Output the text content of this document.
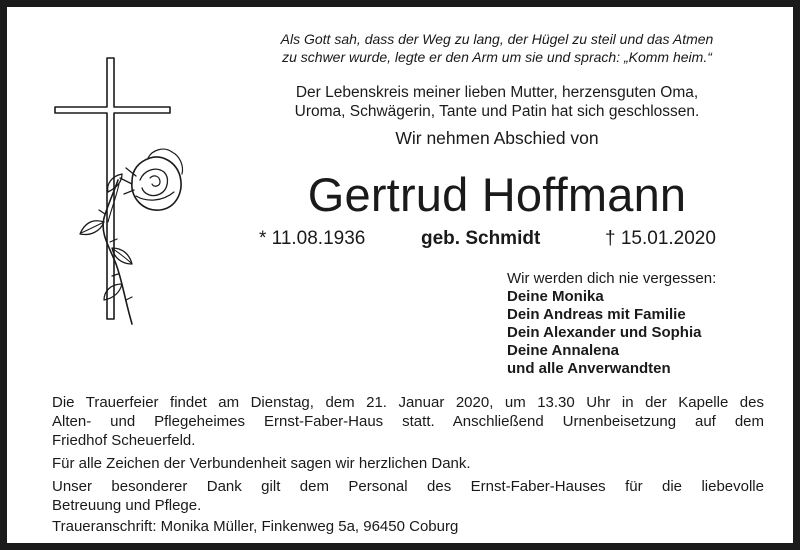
Als Gott sah, dass der Weg zu lang, der Hügel zu steil und das Atmen
zu schwer wurde, legte er den Arm um sie und sprach: „Komm heim.“
Der Lebenskreis meiner lieben Mutter, herzensguten Oma,
Uroma, Schwägerin, Tante und Patin hat sich geschlossen.
Wir nehmen Abschied von
Gertrud Hoffmann
* 11.08.1936	geb. Schmidt	† 15.01.2020
Wir werden dich nie vergessen:
Deine Monika
Dein Andreas mit Familie
Dein Alexander und Sophia
Deine Annalena
und alle Anverwandten

Die Trauerfeier findet am Dienstag, dem 21. Januar 2020, um 13.30 Uhr in der Kapelle des
Alten- und Pflegeheimes Ernst-Faber-Haus statt. Anschließend Urnenbeisetzung auf dem
Friedhof Scheuerfeld.

Für alle Zeichen der Verbundenheit sagen wir herzlichen Dank.

Unser besonderer Dank gilt dem Personal des Ernst-Faber-Hauses für die liebevolle
Betreuung und Pflege.

Traueranschrift: Monika Müller, Finkenweg 5a, 96450 Coburg
